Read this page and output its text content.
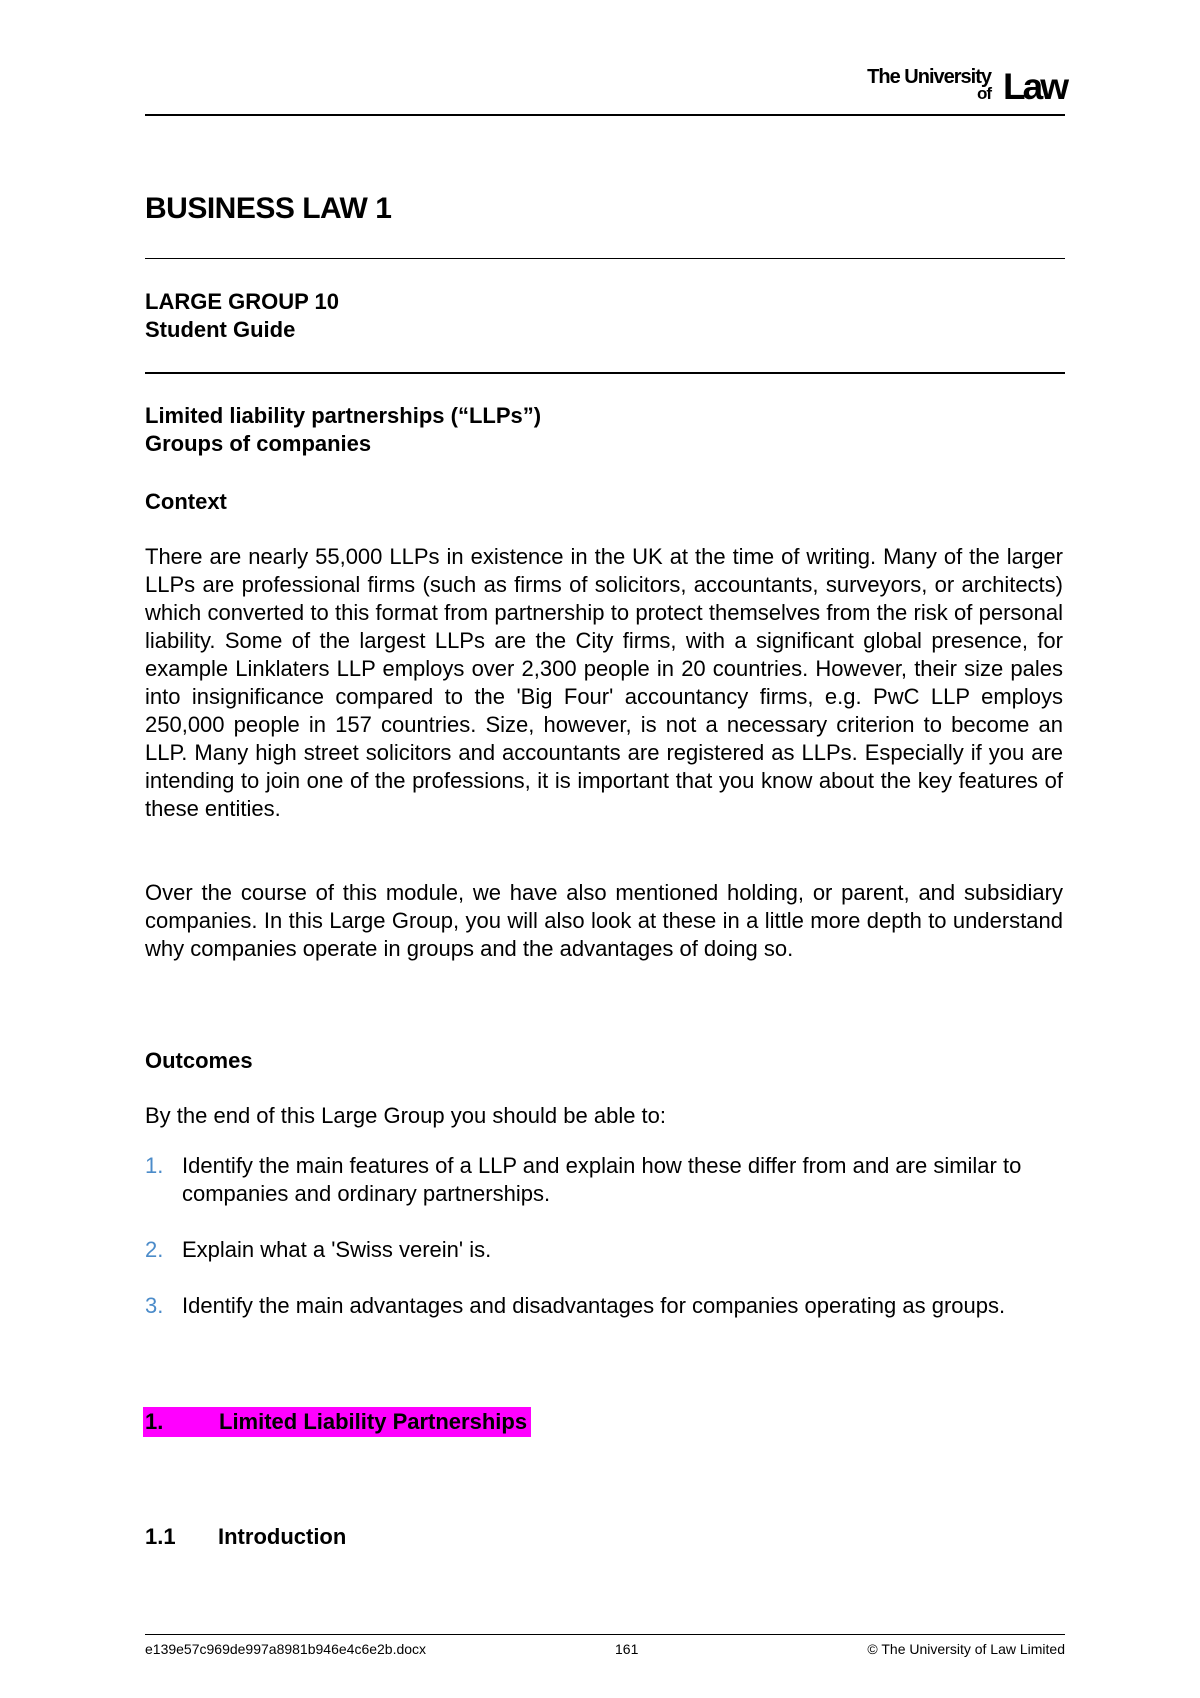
The University
of Law
BUSINESS LAW 1
LARGE GROUP 10
Student Guide
Limited liability partnerships (“LLPs”)
Groups of companies
Context
There are nearly 55,000 LLPs in existence in the UK at the time of writing. Many of the larger LLPs are professional firms (such as firms of solicitors, accountants, surveyors, or architects) which converted to this format from partnership to protect themselves from the risk of personal liability. Some of the largest LLPs are the City firms, with a significant global presence, for example Linklaters LLP employs over 2,300 people in 20 countries. However, their size pales into insignificance compared to the 'Big Four' accountancy firms, e.g. PwC LLP employs 250,000 people in 157 countries. Size, however, is not a necessary criterion to become an LLP. Many high street solicitors and accountants are registered as LLPs. Especially if you are intending to join one of the professions, it is important that you know about the key features of these entities.
Over the course of this module, we have also mentioned holding, or parent, and subsidiary companies. In this Large Group, you will also look at these in a little more depth to understand why companies operate in groups and the advantages of doing so.
Outcomes
By the end of this Large Group you should be able to:
1. Identify the main features of a LLP and explain how these differ from and are similar to companies and ordinary partnerships.
2. Explain what a 'Swiss verein' is.
3. Identify the main advantages and disadvantages for companies operating as groups.
1.	Limited Liability Partnerships
1.1 Introduction
e139e57c969de997a8981b946e4c6e2b.docx	161	© The University of Law Limited
